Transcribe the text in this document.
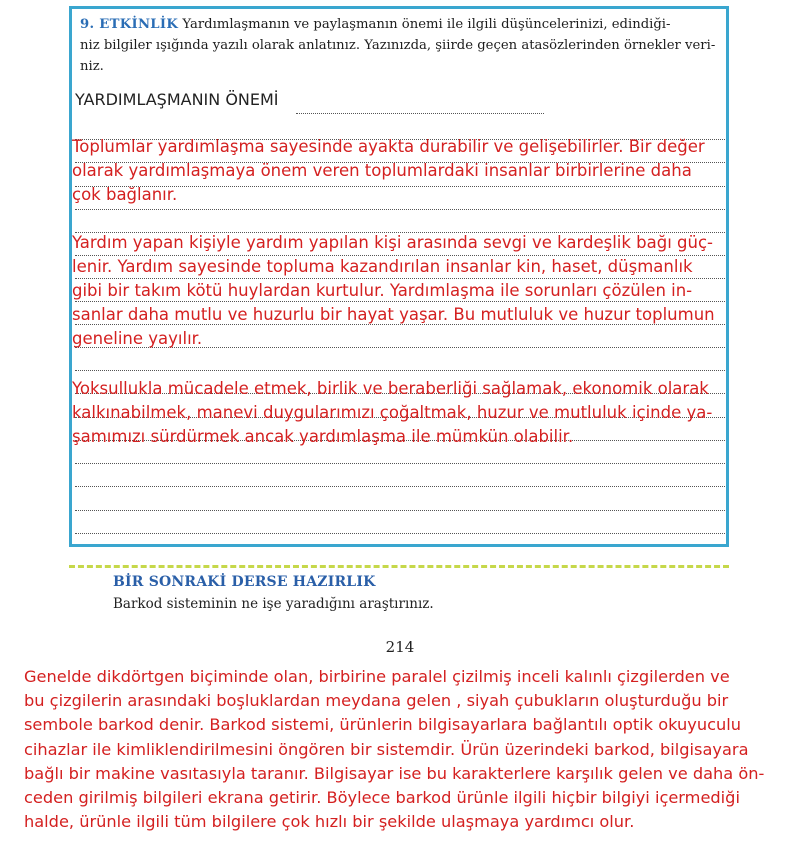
9. ETKİNLİK Yardımlaşmanın ve paylaşmanın önemi ile ilgili düşüncelerinizi, edindiği-
niz bilgiler ışığında yazılı olarak anlatınız. Yazınızda, şiirde geçen atasözlerinden örnekler veri-
niz.
YARDIMLAŞMANIN ÖNEMİ
Toplumlar yardımlaşma sayesinde ayakta durabilir ve gelişebilirler. Bir değer
olarak yardımlaşmaya önem veren toplumlardaki insanlar birbirlerine daha
çok bağlanır.
Yardım yapan kişiyle yardım yapılan kişi arasında sevgi ve kardeşlik bağı güç-
lenir. Yardım sayesinde topluma kazandırılan insanlar kin, haset, düşmanlık
gibi bir takım kötü huylardan kurtulur. Yardımlaşma ile sorunları çözülen in-
sanlar daha mutlu ve huzurlu bir hayat yaşar. Bu mutluluk ve huzur toplumun
geneline yayılır.
Yoksullukla mücadele etmek, birlik ve beraberliği sağlamak, ekonomik olarak
kalkınabilmek, manevi duygularımızı çoğaltmak, huzur ve mutluluk içinde ya-
şamımızı sürdürmek ancak yardımlaşma ile mümkün olabilir.
BİR SONRAKİ DERSE HAZIRLIK
Barkod sisteminin ne işe yaradığını araştırınız.
214
Genelde dikdörtgen biçiminde olan, birbirine paralel çizilmiş inceli kalınlı çizgilerden ve
bu çizgilerin arasındaki boşluklardan meydana gelen , siyah çubukların oluşturduğu bir
sembole barkod denir. Barkod sistemi, ürünlerin bilgisayarlara bağlantılı optik okuyuculu
cihazlar ile kimliklendirilmesini öngören bir sistemdir. Ürün üzerindeki barkod, bilgisayara
bağlı bir makine vasıtasıyla taranır. Bilgisayar ise bu karakterlere karşılık gelen ve daha ön-
ceden girilmiş bilgileri ekrana getirir. Böylece barkod ürünle ilgili hiçbir bilgiyi içermediği
halde, ürünle ilgili tüm bilgilere çok hızlı bir şekilde ulaşmaya yardımcı olur.
